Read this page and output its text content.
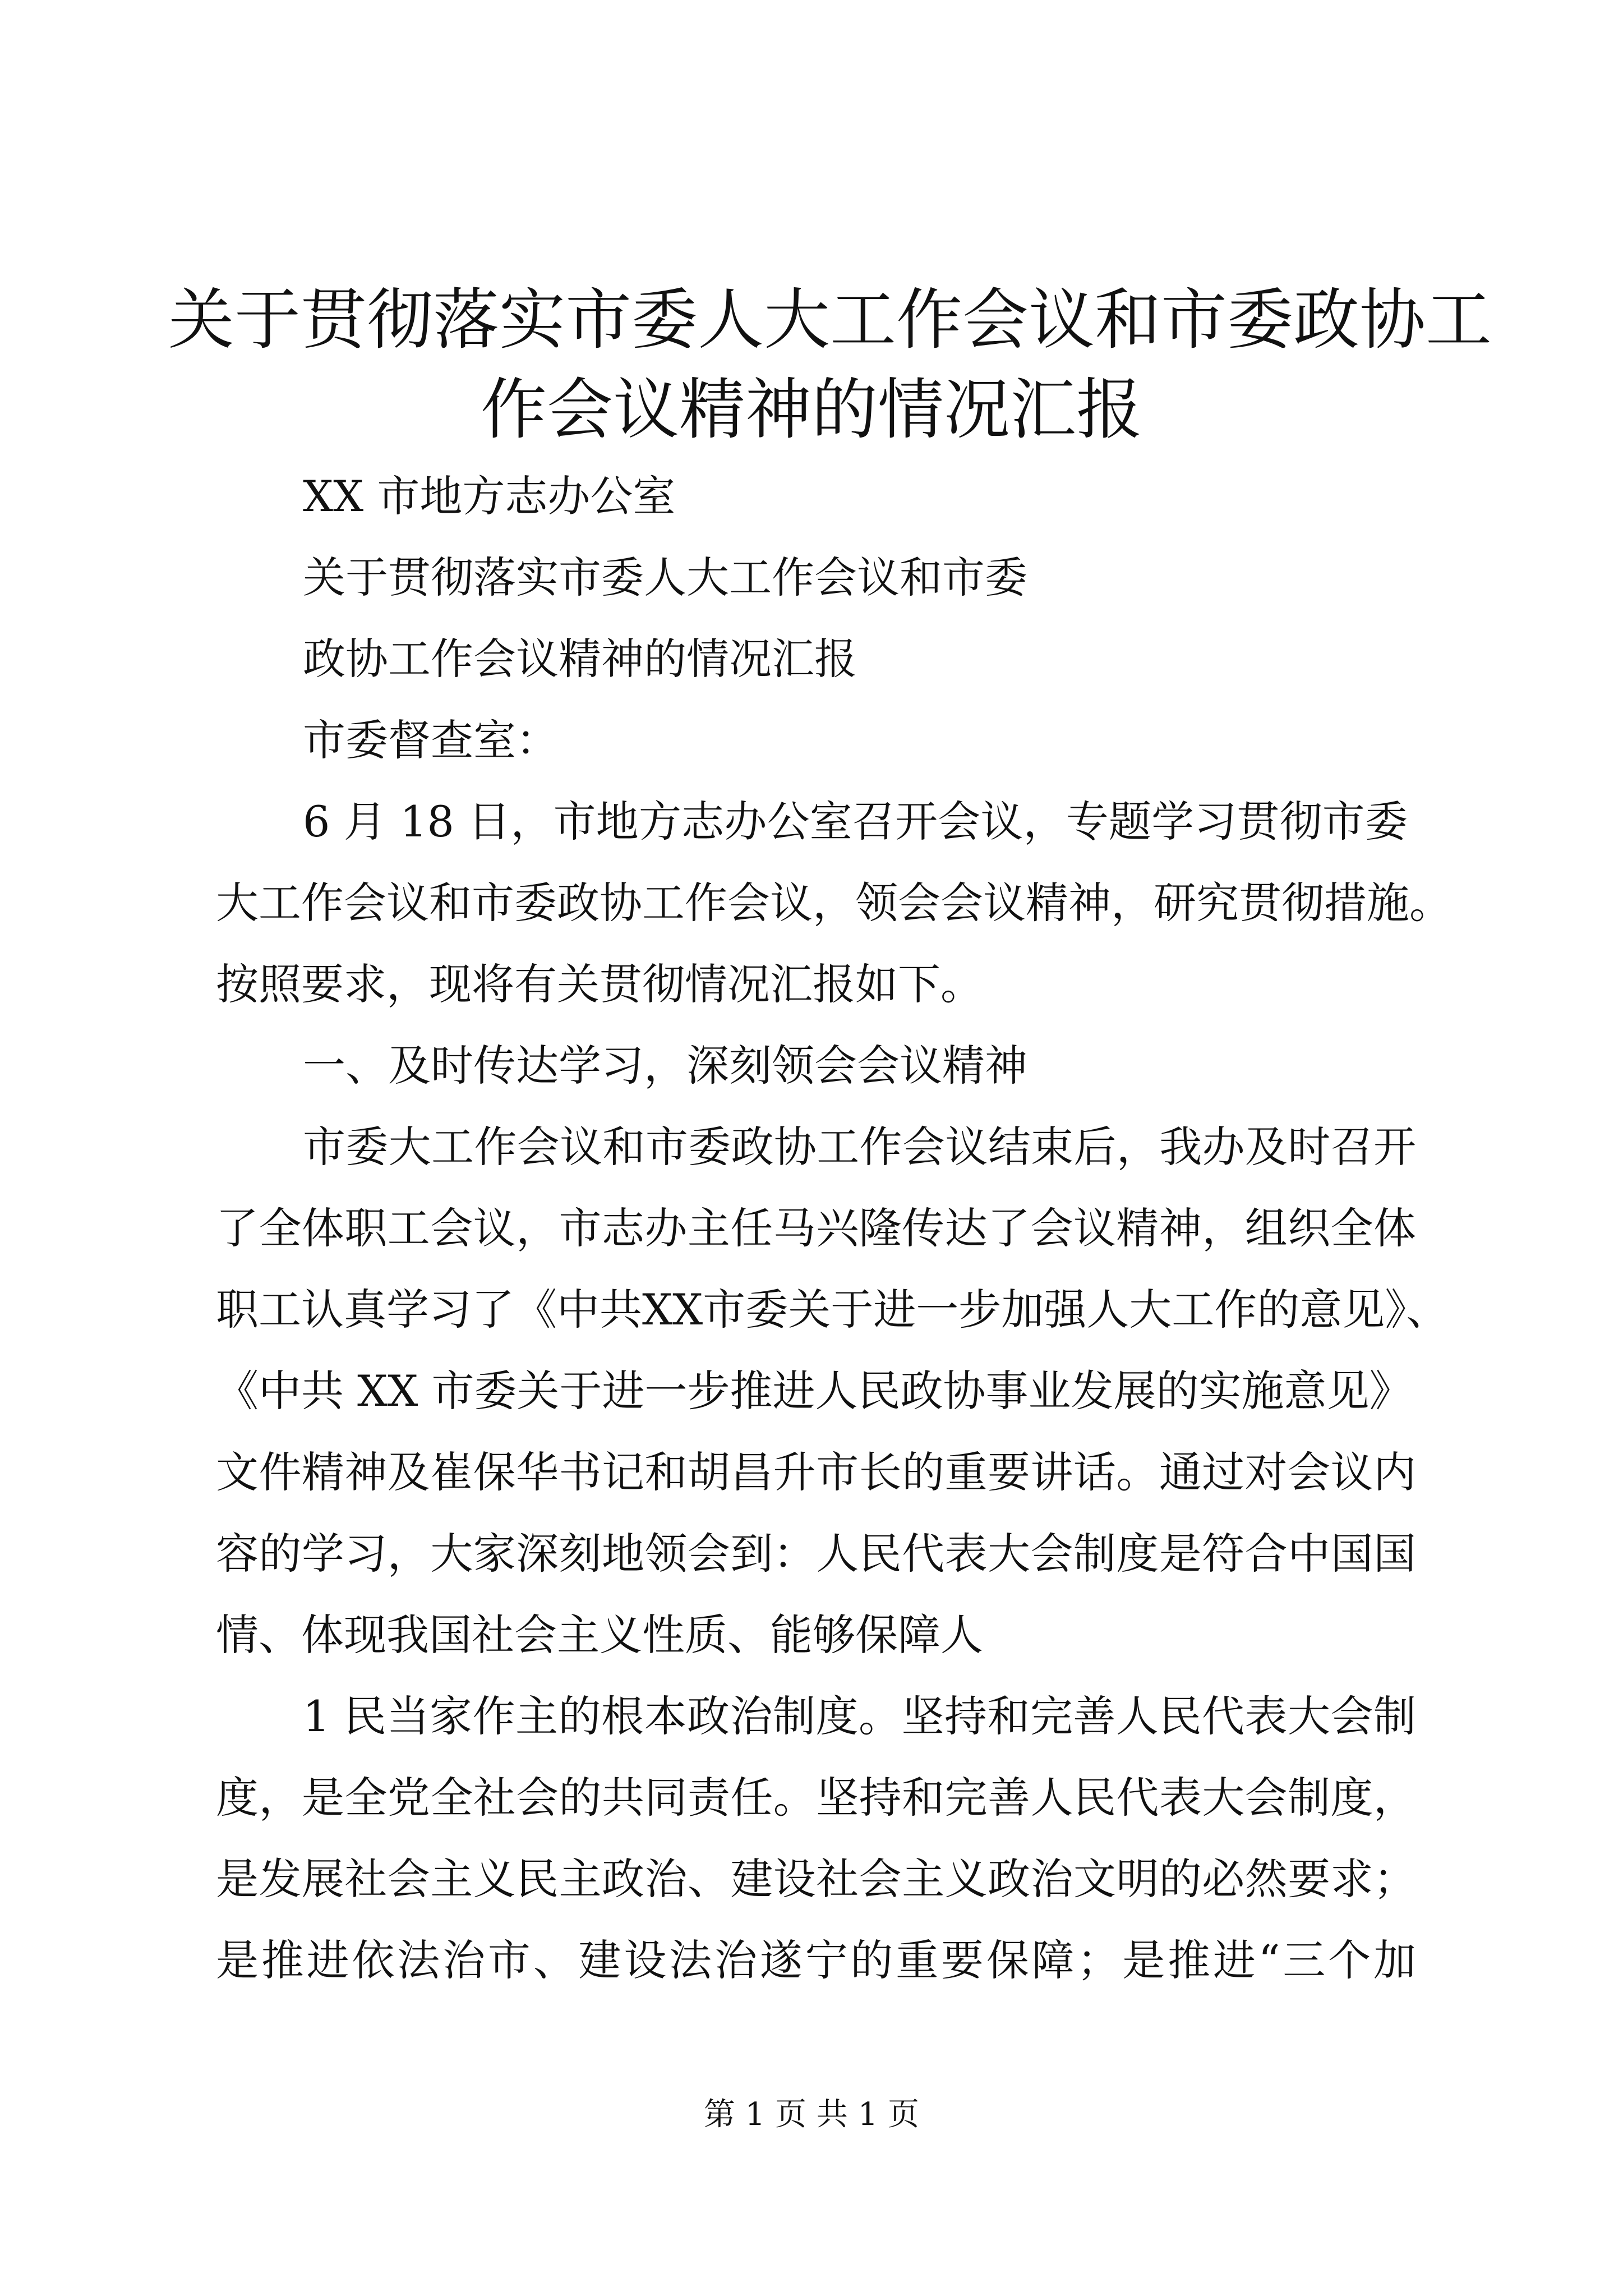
关于贯彻落实市委人大工作会议和市委政协工
作会议精神的情况汇报

XX 市地方志办公室

关于贯彻落实市委人大工作会议和市委

政协工作会议精神的情况汇报

市委督查室：

6 月 18 日，市地方志办公室召开会议，专题学习贯彻市委

大工作会议和市委政协工作会议，领会会议精神，研究贯彻措施。

按照要求，现将有关贯彻情况汇报如下。

一、及时传达学习，深刻领会会议精神

市委大工作会议和市委政协工作会议结束后，我办及时召开

了全体职工会议，市志办主任马兴隆传达了会议精神，组织全体

职工认真学习了《中共XX市委关于进一步加强人大工作的意见》、

《中共 XX 市委关于进一步推进人民政协事业发展的实施意见》

文件精神及崔保华书记和胡昌升市长的重要讲话。通过对会议内

容的学习，大家深刻地领会到：人民代表大会制度是符合中国国

情、体现我国社会主义性质、能够保障人

1 民当家作主的根本政治制度。坚持和完善人民代表大会制

度，是全党全社会的共同责任。坚持和完善人民代表大会制度，

是发展社会主义民主政治、建设社会主义政治文明的必然要求；

是推进依法治市、建设法治遂宁的重要保障；是推进“三个加

第 1 页 共 1 页
